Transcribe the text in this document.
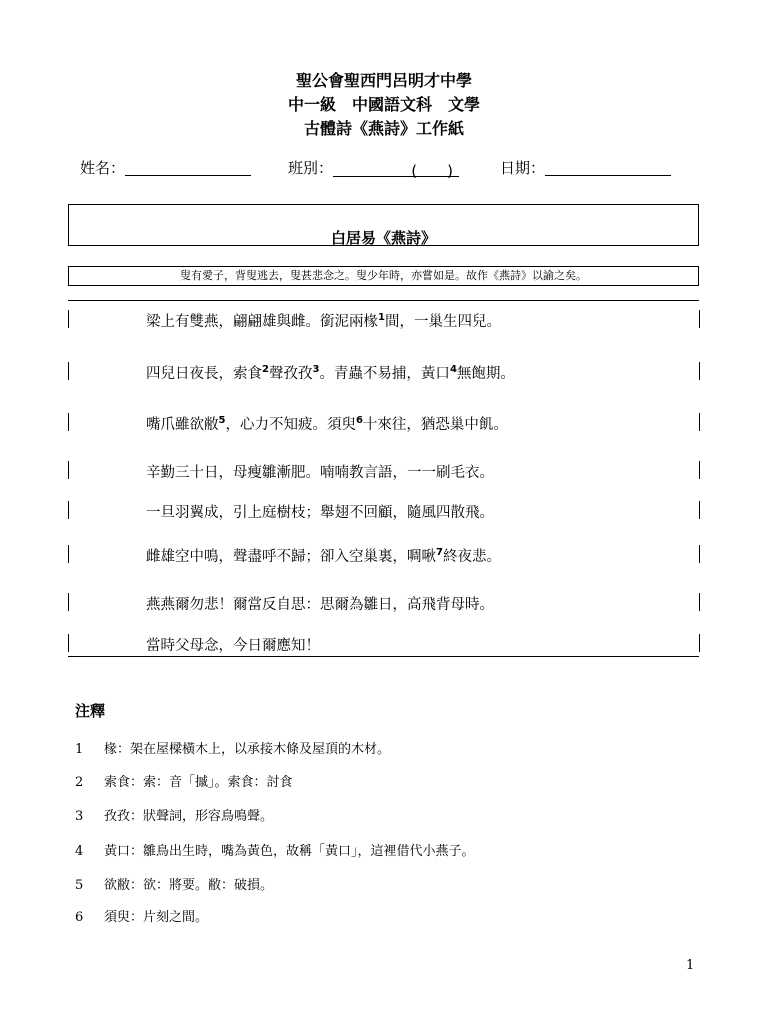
聖公會聖西門呂明才中學
中一級　中國語文科　文學
古體詩《燕詩》工作紙
姓名：	班別：	(　　)	日期：
白居易《燕詩》
叟有愛子，背叟逃去，叟甚悲念之。叟少年時，亦嘗如是。故作《燕詩》以諭之矣。
梁上有雙燕，翩翩雄與雌。銜泥兩椽$^1$間，一巢生四兒。
四兒日夜長，索食$^2$聲孜孜$^3$。青蟲不易捕，黃口$^4$無飽期。
嘴爪雖欲敝$^5$，心力不知疲。須臾$^6$十來往，猶恐巢中飢。
辛勤三十日，母瘦雛漸肥。喃喃教言語，一一刷毛衣。
一旦羽翼成，引上庭樹枝；舉翅不回顧，隨風四散飛。
雌雄空中鳴，聲盡呼不歸；卻入空巢裏，啁啾$^7$終夜悲。
燕燕爾勿悲！爾當反自思：思爾為雛日，高飛背母時。
當時父母念，今日爾應知！
注釋
1 椽：架在屋樑橫木上，以承接木條及屋頂的木材。
2 索食：索：音「摵」。索食：討食
3 孜孜：狀聲詞，形容鳥鳴聲。
4 黃口：雛鳥出生時，嘴為黃色，故稱「黃口」，這裡借代小燕子。
5 欲敝：欲：將要。敝：破損。
6 須臾：片刻之間。
1
